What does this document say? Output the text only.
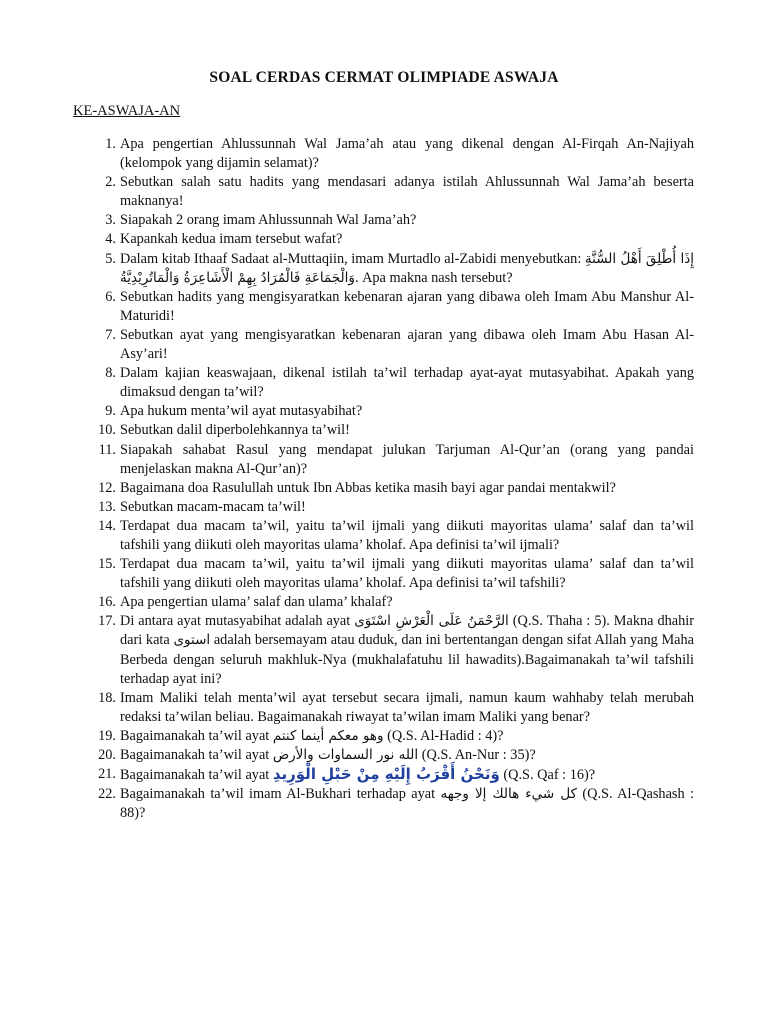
SOAL CERDAS CERMAT OLIMPIADE ASWAJA

KE-ASWAJA-AN

1. Apa pengertian Ahlussunnah Wal Jama’ah atau yang dikenal dengan Al-Firqah An-Najiyah (kelompok yang dijamin selamat)?
2. Sebutkan salah satu hadits yang mendasari adanya istilah Ahlussunnah Wal Jama’ah beserta maknanya!
3. Siapakah 2 orang imam Ahlussunnah Wal Jama’ah?
4. Kapankah kedua imam tersebut wafat?
5. Dalam kitab Ithaaf Sadaat al-Muttaqiin, imam Murtadlo al-Zabidi menyebutkan: إِذَا أُطْلِقَ أَهْلُ السُّنَّةِ وَالْجَمَاعَةِ فَالْمُرَادُ بِهِمْ الْأَشَاعِرَةُ وَالْمَاتُرِيْدِيَّةُ. Apa makna nash tersebut?
6. Sebutkan hadits yang mengisyaratkan kebenaran ajaran yang dibawa oleh Imam Abu Manshur Al-Maturidi!
7. Sebutkan ayat yang mengisyaratkan kebenaran ajaran yang dibawa oleh Imam Abu Hasan Al-Asy’ari!
8. Dalam kajian keaswajaan, dikenal istilah ta’wil terhadap ayat-ayat mutasyabihat. Apakah yang dimaksud dengan ta’wil?
9. Apa hukum menta’wil ayat mutasyabihat?
10. Sebutkan dalil diperbolehkannya ta’wil!
11. Siapakah sahabat Rasul yang mendapat julukan Tarjuman Al-Qur’an (orang yang pandai menjelaskan makna Al-Qur’an)?
12. Bagaimana doa Rasulullah untuk Ibn Abbas ketika masih bayi agar pandai mentakwil?
13. Sebutkan macam-macam ta’wil!
14. Terdapat dua macam ta’wil, yaitu ta’wil ijmali yang diikuti mayoritas ulama’ salaf dan ta’wil tafshili yang diikuti oleh mayoritas ulama’ kholaf. Apa definisi ta’wil ijmali?
15. Terdapat dua macam ta’wil, yaitu ta’wil ijmali yang diikuti mayoritas ulama’ salaf dan ta’wil tafshili yang diikuti oleh mayoritas ulama’ kholaf. Apa definisi ta’wil tafshili?
16. Apa pengertian ulama’ salaf dan ulama’ khalaf?
17. Di antara ayat mutasyabihat adalah ayat الرَّحْمَنُ عَلَى الْعَرْشِ اسْتَوَى (Q.S. Thaha : 5). Makna dhahir dari kata استوى adalah bersemayam atau duduk, dan ini bertentangan dengan sifat Allah yang Maha Berbeda dengan seluruh makhluk-Nya (mukhalafatuhu lil hawadits).Bagaimanakah ta’wil tafshili terhadap ayat ini?
18. Imam Maliki telah menta’wil ayat tersebut secara ijmali, namun kaum wahhaby telah merubah redaksi ta’wilan beliau. Bagaimanakah riwayat ta’wilan imam Maliki yang benar?
19. Bagaimanakah ta’wil ayat وهو معكم أينما كنتم (Q.S. Al-Hadid : 4)?
20. Bagaimanakah ta’wil ayat الله نور السماوات والأرض (Q.S. An-Nur : 35)?
21. Bagaimanakah ta’wil ayat وَنَحْنُ أَقْرَبُ إِلَيْهِ مِنْ حَبْلِ الْوَرِيدِ (Q.S. Qaf : 16)?
22. Bagaimanakah ta’wil imam Al-Bukhari terhadap ayat كل شيء هالك إلا وجهه (Q.S. Al-Qashash : 88)?
